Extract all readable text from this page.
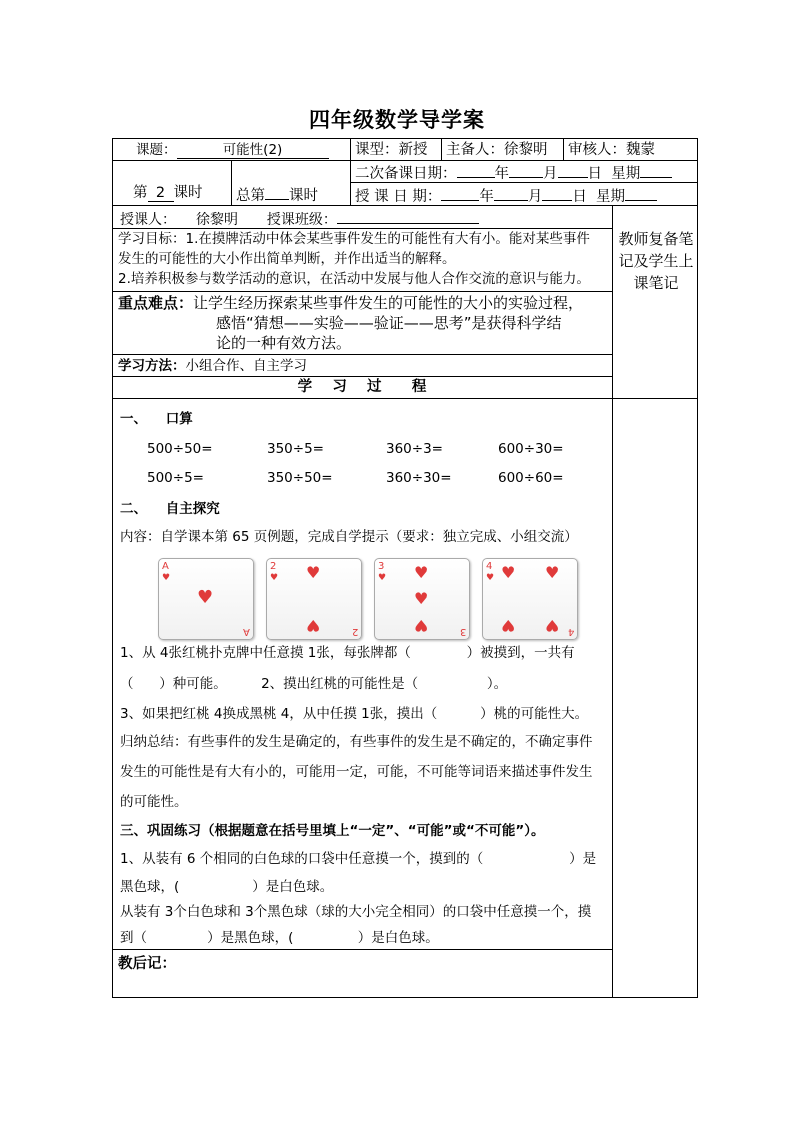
四年级数学导学案
课题：	可能性(2)	课型：新授 主备人：徐黎明 审核人：魏蒙
第 2 课时 总第 课时
二次备课日期：	年 月 日 星期
授 课 日 期：	年 月 日 星期
授课人： 徐黎明 授课班级：
教师复备笔记及学生上课笔记
学习目标：1.在摸牌活动中体会某些事件发生的可能性有大有小。能对某些事件
发生的可能性的大小作出简单判断，并作出适当的解释。
2.培养积极参与数学活动的意识，在活动中发展与他人合作交流的意识与能力。
重点难点：让学生经历探索某些事件发生的可能性的大小的实验过程，
感悟“猜想——实验——验证——思考”是获得科学结
论的一种有效方法。
学习方法：小组合作、自主学习
学    习    过      程
一、    口算
500÷50=	350÷5=	360÷3=	600÷30=
500÷5=	350÷50=	360÷30=	600÷60=
二、    自主探究
内容：自学课本第 65 页例题，完成自学提示（要求：独立完成、小组交流）
A
♥
A
♥
2
♥
2
♥
♥
3
♥
3
♥
♥
♥
4
♥
4
♥ ♥
♥ ♥
1、从 4张红桃扑克牌中任意摸 1张，每张牌都（             ）被摸到，一共有
（      ）种可能。        2、摸出红桃的可能性是（                ）。
3、如果把红桃 4换成黑桃 4，从中任摸 1张，摸出（          ）桃的可能性大。
归纳总结：有些事件的发生是确定的，有些事件的发生是不确定的，不确定事件
发生的可能性是有大有小的，可能用一定，可能，不可能等词语来描述事件发生
的可能性。
三、巩固练习（根据题意在括号里填上“一定”、“可能”或“不可能”）。
1、从装有 6 个相同的白色球的口袋中任意摸一个，摸到的（                    ）是
黑色球，(                 ）是白色球。
从装有 3个白色球和 3个黑色球（球的大小完全相同）的口袋中任意摸一个，摸
到（              ）是黑色球，(               ）是白色球。
教后记：
